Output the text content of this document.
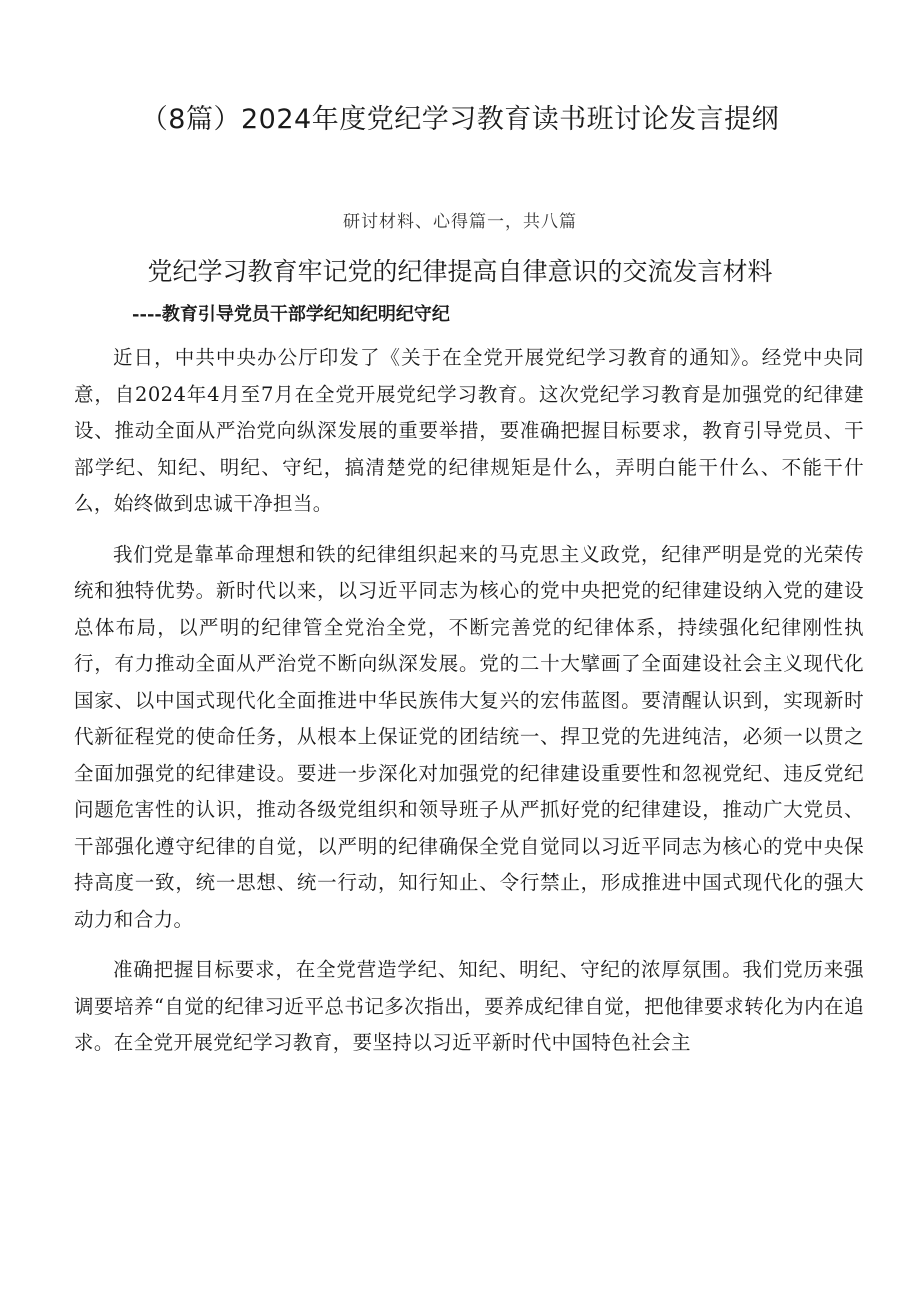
（8篇）2024年度党纪学习教育读书班讨论发言提纲
研讨材料、心得篇一，共八篇
党纪学习教育牢记党的纪律提高自律意识的交流发言材料
----教育引导党员干部学纪知纪明纪守纪

近日，中共中央办公厅印发了《关于在全党开展党纪学习教育的通知》。经党中央同意，自2024年4月至7月在全党开展党纪学习教育。这次党纪学习教育是加强党的纪律建设、推动全面从严治党向纵深发展的重要举措，要准确把握目标要求，教育引导党员、干部学纪、知纪、明纪、守纪，搞清楚党的纪律规矩是什么，弄明白能干什么、不能干什么，始终做到忠诚干净担当。

我们党是靠革命理想和铁的纪律组织起来的马克思主义政党，纪律严明是党的光荣传统和独特优势。新时代以来，以习近平同志为核心的党中央把党的纪律建设纳入党的建设总体布局，以严明的纪律管全党治全党，不断完善党的纪律体系，持续强化纪律刚性执行，有力推动全面从严治党不断向纵深发展。党的二十大擘画了全面建设社会主义现代化国家、以中国式现代化全面推进中华民族伟大复兴的宏伟蓝图。要清醒认识到，实现新时代新征程党的使命任务，从根本上保证党的团结统一、捍卫党的先进纯洁，必须一以贯之全面加强党的纪律建设。要进一步深化对加强党的纪律建设重要性和忽视党纪、违反党纪问题危害性的认识，推动各级党组织和领导班子从严抓好党的纪律建设，推动广大党员、干部强化遵守纪律的自觉，以严明的纪律确保全党自觉同以习近平同志为核心的党中央保持高度一致，统一思想、统一行动，知行知止、令行禁止，形成推进中国式现代化的强大动力和合力。

准确把握目标要求，在全党营造学纪、知纪、明纪、守纪的浓厚氛围。我们党历来强调要培养“自觉的纪律习近平总书记多次指出，要养成纪律自觉，把他律要求转化为内在追求。在全党开展党纪学习教育，要坚持以习近平新时代中国特色社会主
